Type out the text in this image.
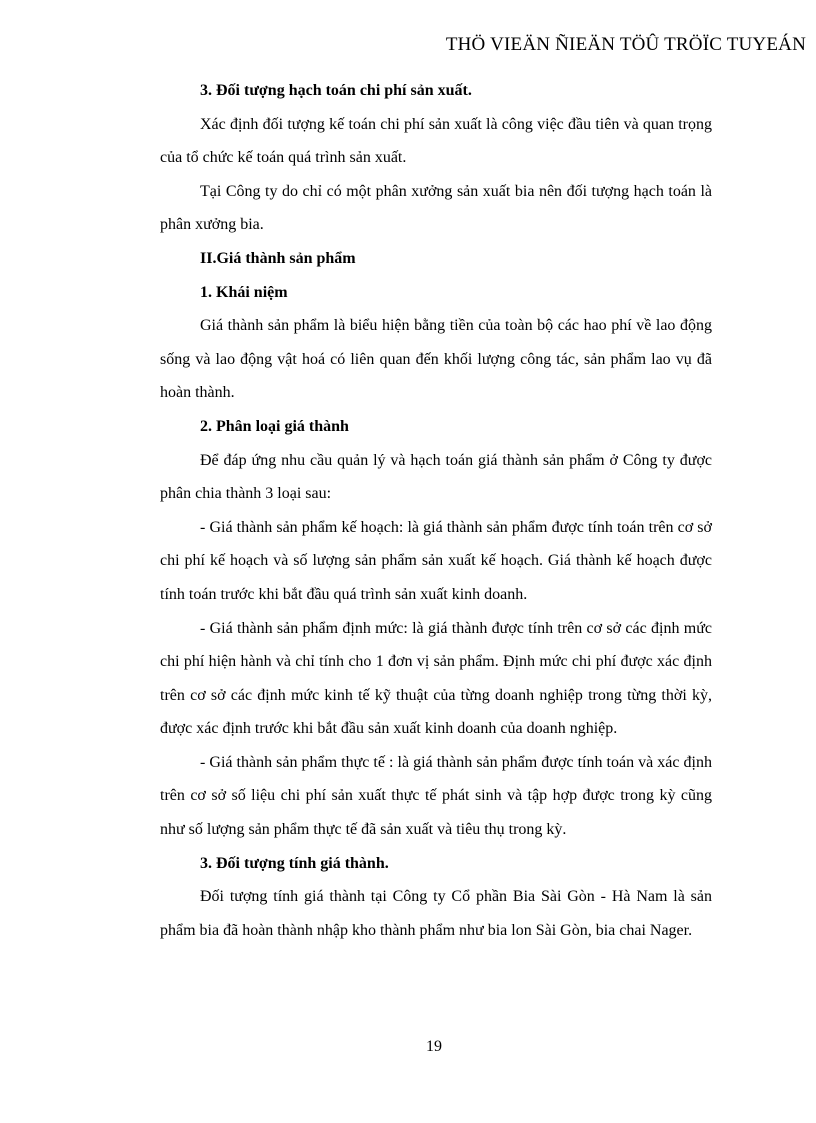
THÖ VIEÄN ÑIEÄN TÖÛ TRÖÏC TUYEÁN

3. Đối tượng hạch toán chi phí sản xuất.

Xác định đối tượng kế toán chi phí sản xuất là công việc đầu tiên và quan trọng của tổ chức kế toán quá trình sản xuất.

Tại Công ty do chỉ có một phân xưởng sản xuất bia nên đối tượng hạch toán là phân xưởng bia.

II.Giá thành sản phẩm

1. Khái niệm

Giá thành sản phẩm là biểu hiện bằng tiền của toàn bộ các hao phí về lao động sống và lao động vật hoá có liên quan đến khối lượng công tác, sản phẩm lao vụ đã hoàn thành.

2. Phân loại giá thành

Để đáp ứng nhu cầu quản lý và hạch toán giá thành sản phẩm ở Công ty được phân chia thành 3 loại sau:

- Giá thành sản phẩm kế hoạch: là giá thành sản phẩm được tính toán trên cơ sở chi phí kế hoạch và số lượng sản phẩm sản xuất kế hoạch. Giá thành kế hoạch được tính toán trước khi bắt đầu quá trình sản xuất kinh doanh.

- Giá thành sản phẩm định mức: là giá thành được tính trên cơ sở các định mức chi phí hiện hành và chỉ tính cho 1 đơn vị sản phẩm. Định mức chi phí được xác định trên cơ sở các định mức kinh tế kỹ thuật của từng doanh nghiệp trong từng thời kỳ, được xác định trước khi bắt đầu sản xuất kinh doanh của doanh nghiệp.

- Giá thành sản phẩm thực tế : là giá thành sản phẩm được tính toán và xác định trên cơ sở số liệu chi phí sản xuất thực tế phát sinh và tập hợp được trong kỳ cũng như số lượng sản phẩm thực tế đã sản xuất và tiêu thụ trong kỳ.

3. Đối tượng tính giá thành.

Đối tượng tính giá thành tại Công ty Cổ phần Bia Sài Gòn - Hà Nam là sản phẩm bia đã hoàn thành nhập kho thành phẩm như bia lon Sài Gòn, bia chai Nager.

19
